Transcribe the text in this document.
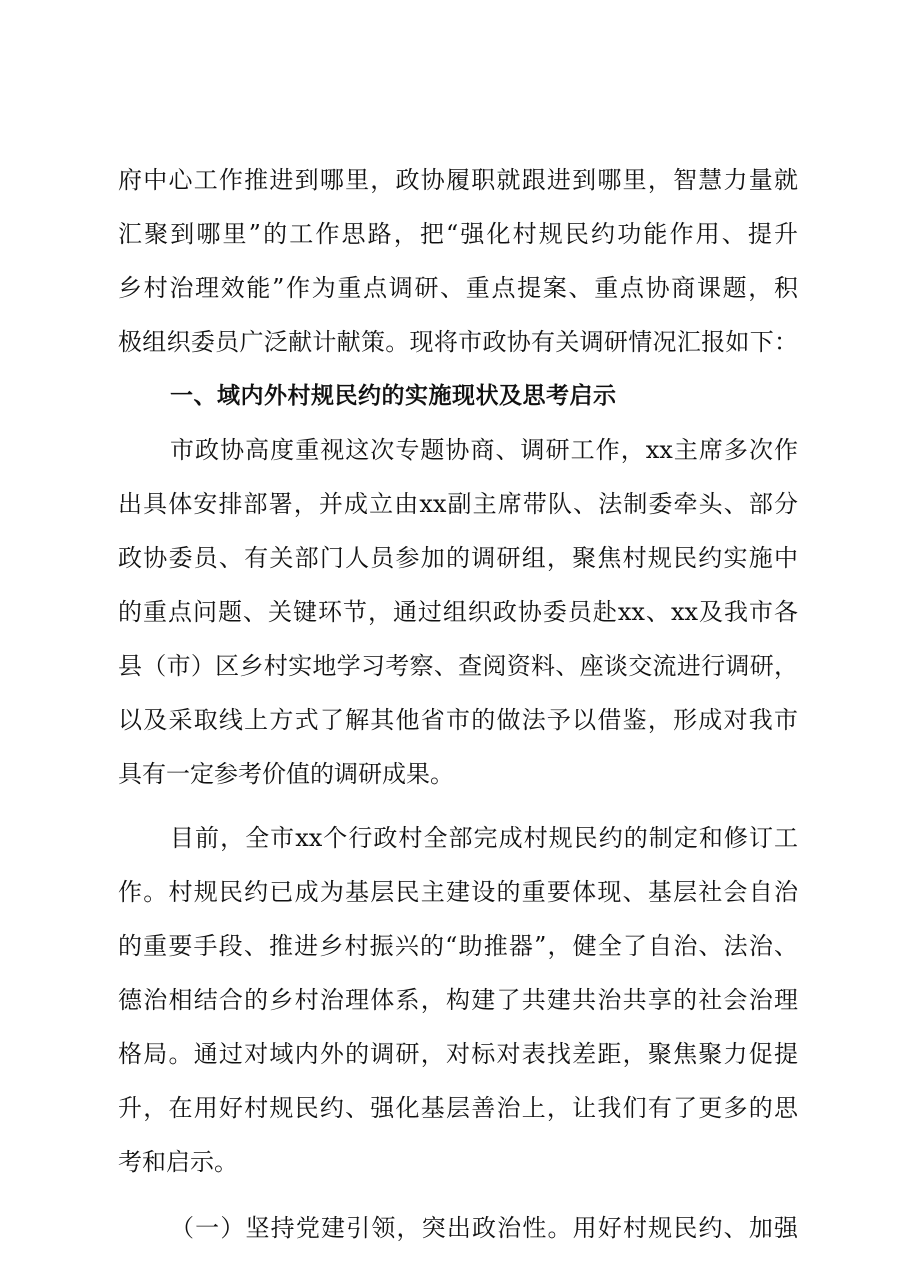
府中心工作推进到哪里，政协履职就跟进到哪里，智慧力量就
汇聚到哪里”的工作思路，把“强化村规民约功能作用、提升
乡村治理效能”作为重点调研、重点提案、重点协商课题，积
极组织委员广泛献计献策。现将市政协有关调研情况汇报如下：
一、域内外村规民约的实施现状及思考启示
市政协高度重视这次专题协商、调研工作，xx主席多次作
出具体安排部署，并成立由xx副主席带队、法制委牵头、部分
政协委员、有关部门人员参加的调研组，聚焦村规民约实施中
的重点问题、关键环节，通过组织政协委员赴xx、xx及我市各
县（市）区乡村实地学习考察、查阅资料、座谈交流进行调研，
以及采取线上方式了解其他省市的做法予以借鉴，形成对我市
具有一定参考价值的调研成果。
目前，全市xx个行政村全部完成村规民约的制定和修订工
作。村规民约已成为基层民主建设的重要体现、基层社会自治
的重要手段、推进乡村振兴的“助推器”，健全了自治、法治、
德治相结合的乡村治理体系，构建了共建共治共享的社会治理
格局。通过对域内外的调研，对标对表找差距，聚焦聚力促提
升，在用好村规民约、强化基层善治上，让我们有了更多的思
考和启示。
（一）坚持党建引领，突出政治性。用好村规民约、加强
